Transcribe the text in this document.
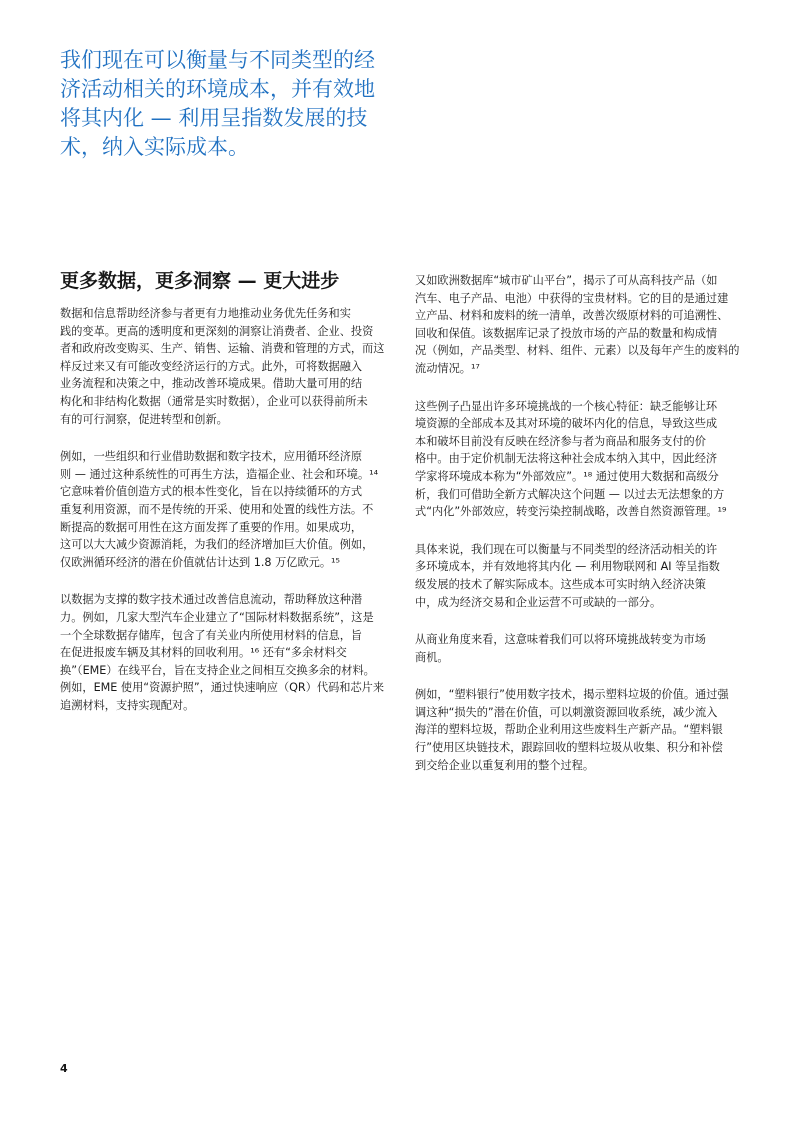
我们现在可以衡量与不同类型的经
济活动相关的环境成本，并有效地
将其内化 — 利用呈指数发展的技
术，纳入实际成本。
更多数据，更多洞察 — 更大进步

数据和信息帮助经济参与者更有力地推动业务优先任务和实
践的变革。更高的透明度和更深刻的洞察让消费者、企业、投资
者和政府改变购买、生产、销售、运输、消费和管理的方式，而这
样反过来又有可能改变经济运行的方式。此外，可将数据融入
业务流程和决策之中，推动改善环境成果。借助大量可用的结
构化和非结构化数据（通常是实时数据），企业可以获得前所未
有的可行洞察，促进转型和创新。

例如，一些组织和行业借助数据和数字技术，应用循环经济原
则 — 通过这种系统性的可再生方法，造福企业、社会和环境。¹⁴
它意味着价值创造方式的根本性变化，旨在以持续循环的方式
重复利用资源，而不是传统的开采、使用和处置的线性方法。不
断提高的数据可用性在这方面发挥了重要的作用。如果成功，
这可以大大减少资源消耗，为我们的经济增加巨大价值。例如，
仅欧洲循环经济的潜在价值就估计达到 1.8 万亿欧元。¹⁵

以数据为支撑的数字技术通过改善信息流动，帮助释放这种潜
力。例如，几家大型汽车企业建立了“国际材料数据系统”，这是
一个全球数据存储库，包含了有关业内所使用材料的信息，旨
在促进报废车辆及其材料的回收利用。¹⁶ 还有“多余材料交
换”（EME）在线平台，旨在支持企业之间相互交换多余的材料。
例如，EME 使用“资源护照”，通过快速响应（QR）代码和芯片来
追溯材料，支持实现配对。

又如欧洲数据库“城市矿山平台”，揭示了可从高科技产品（如
汽车、电子产品、电池）中获得的宝贵材料。它的目的是通过建
立产品、材料和废料的统一清单，改善次级原材料的可追溯性、
回收和保值。该数据库记录了投放市场的产品的数量和构成情
况（例如，产品类型、材料、组件、元素）以及每年产生的废料的
流动情况。¹⁷

这些例子凸显出许多环境挑战的一个核心特征：缺乏能够让环
境资源的全部成本及其对环境的破坏内化的信息，导致这些成
本和破坏目前没有反映在经济参与者为商品和服务支付的价
格中。由于定价机制无法将这种社会成本纳入其中，因此经济
学家将环境成本称为“外部效应”。¹⁸ 通过使用大数据和高级分
析，我们可借助全新方式解决这个问题 — 以过去无法想象的方
式“内化”外部效应，转变污染控制战略，改善自然资源管理。¹⁹

具体来说，我们现在可以衡量与不同类型的经济活动相关的许
多环境成本，并有效地将其内化 — 利用物联网和 AI 等呈指数
级发展的技术了解实际成本。这些成本可实时纳入经济决策
中，成为经济交易和企业运营不可或缺的一部分。

从商业角度来看，这意味着我们可以将环境挑战转变为市场
商机。

例如，“塑料银行”使用数字技术，揭示塑料垃圾的价值。通过强
调这种“损失的”潜在价值，可以刺激资源回收系统，减少流入
海洋的塑料垃圾，帮助企业利用这些废料生产新产品。“塑料银
行”使用区块链技术，跟踪回收的塑料垃圾从收集、积分和补偿
到交给企业以重复利用的整个过程。

4
